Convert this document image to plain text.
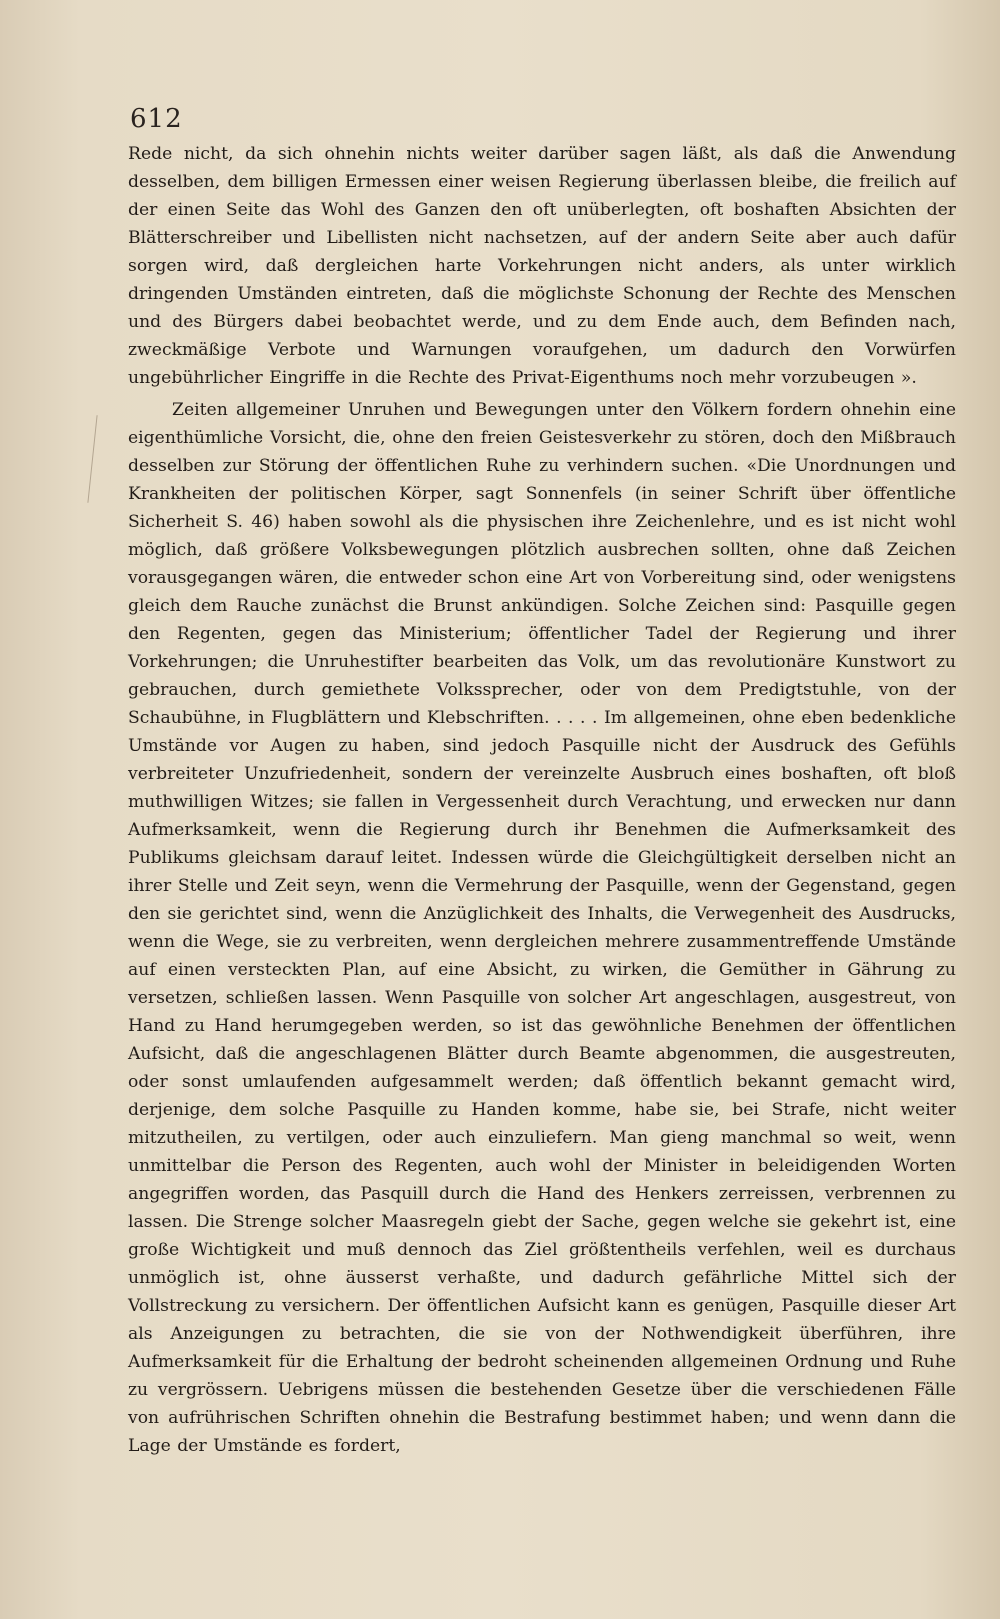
612

Rede nicht, da sich ohnehin nichts weiter darüber sagen läßt, als daß die Anwendung desselben, dem billigen Ermessen einer weisen Regierung überlassen bleibe, die freilich auf der einen Seite das Wohl des Ganzen den oft unüberlegten, oft boshaften Absichten der Blätterschreiber und Libellisten nicht nachsetzen, auf der andern Seite aber auch dafür sorgen wird, daß dergleichen harte Vorkehrungen nicht anders, als unter wirklich dringenden Umständen eintreten, daß die möglichste Schonung der Rechte des Menschen und des Bürgers dabei beobachtet werde, und zu dem Ende auch, dem Befinden nach, zweckmäßige Verbote und Warnungen voraufgehen, um dadurch den Vorwürfen ungebührlicher Eingriffe in die Rechte des Privat-Eigenthums noch mehr vorzubeugen ».

Zeiten allgemeiner Unruhen und Bewegungen unter den Völkern fordern ohnehin eine eigenthümliche Vorsicht, die, ohne den freien Geistesverkehr zu stören, doch den Mißbrauch desselben zur Störung der öffentlichen Ruhe zu verhindern suchen. «Die Unordnungen und Krankheiten der politischen Körper, sagt Sonnenfels (in seiner Schrift über öffentliche Sicherheit S. 46) haben sowohl als die physischen ihre Zeichenlehre, und es ist nicht wohl möglich, daß größere Volksbewegungen plötzlich ausbrechen sollten, ohne daß Zeichen vorausgegangen wären, die entweder schon eine Art von Vorbereitung sind, oder wenigstens gleich dem Rauche zunächst die Brunst ankündigen. Solche Zeichen sind: Pasquille gegen den Regenten, gegen das Ministerium; öffentlicher Tadel der Regierung und ihrer Vorkehrungen; die Unruhestifter bearbeiten das Volk, um das revolutionäre Kunstwort zu gebrauchen, durch gemiethete Volkssprecher, oder von dem Predigtstuhle, von der Schaubühne, in Flugblättern und Klebschriften. . . . . Im allgemeinen, ohne eben bedenkliche Umstände vor Augen zu haben, sind jedoch Pasquille nicht der Ausdruck des Gefühls verbreiteter Unzufriedenheit, sondern der vereinzelte Ausbruch eines boshaften, oft bloß muthwilligen Witzes; sie fallen in Vergessenheit durch Verachtung, und erwecken nur dann Aufmerksamkeit, wenn die Regierung durch ihr Benehmen die Aufmerksamkeit des Publikums gleichsam darauf leitet. Indessen würde die Gleichgültigkeit derselben nicht an ihrer Stelle und Zeit seyn, wenn die Vermehrung der Pasquille, wenn der Gegenstand, gegen den sie gerichtet sind, wenn die Anzüglichkeit des Inhalts, die Verwegenheit des Ausdrucks, wenn die Wege, sie zu verbreiten, wenn dergleichen mehrere zusammentreffende Umstände auf einen versteckten Plan, auf eine Absicht, zu wirken, die Gemüther in Gährung zu versetzen, schließen lassen. Wenn Pasquille von solcher Art angeschlagen, ausgestreut, von Hand zu Hand herumgegeben werden, so ist das gewöhnliche Benehmen der öffentlichen Aufsicht, daß die angeschlagenen Blätter durch Beamte abgenommen, die ausgestreuten, oder sonst umlaufenden aufgesammelt werden; daß öffentlich bekannt gemacht wird, derjenige, dem solche Pasquille zu Handen komme, habe sie, bei Strafe, nicht weiter mitzutheilen, zu vertilgen, oder auch einzuliefern. Man gieng manchmal so weit, wenn unmittelbar die Person des Regenten, auch wohl der Minister in beleidigenden Worten angegriffen worden, das Pasquill durch die Hand des Henkers zerreissen, verbrennen zu lassen. Die Strenge solcher Maasregeln giebt der Sache, gegen welche sie gekehrt ist, eine große Wichtigkeit und muß dennoch das Ziel größtentheils verfehlen, weil es durchaus unmöglich ist, ohne äusserst verhaßte, und dadurch gefährliche Mittel sich der Vollstreckung zu versichern. Der öffentlichen Aufsicht kann es genügen, Pasquille dieser Art als Anzeigungen zu betrachten, die sie von der Nothwendigkeit überführen, ihre Aufmerksamkeit für die Erhaltung der bedroht scheinenden allgemeinen Ordnung und Ruhe zu vergrössern. Uebrigens müssen die bestehenden Gesetze über die verschiedenen Fälle von aufrührischen Schriften ohnehin die Bestrafung bestimmet haben; und wenn dann die Lage der Umstände es fordert,
